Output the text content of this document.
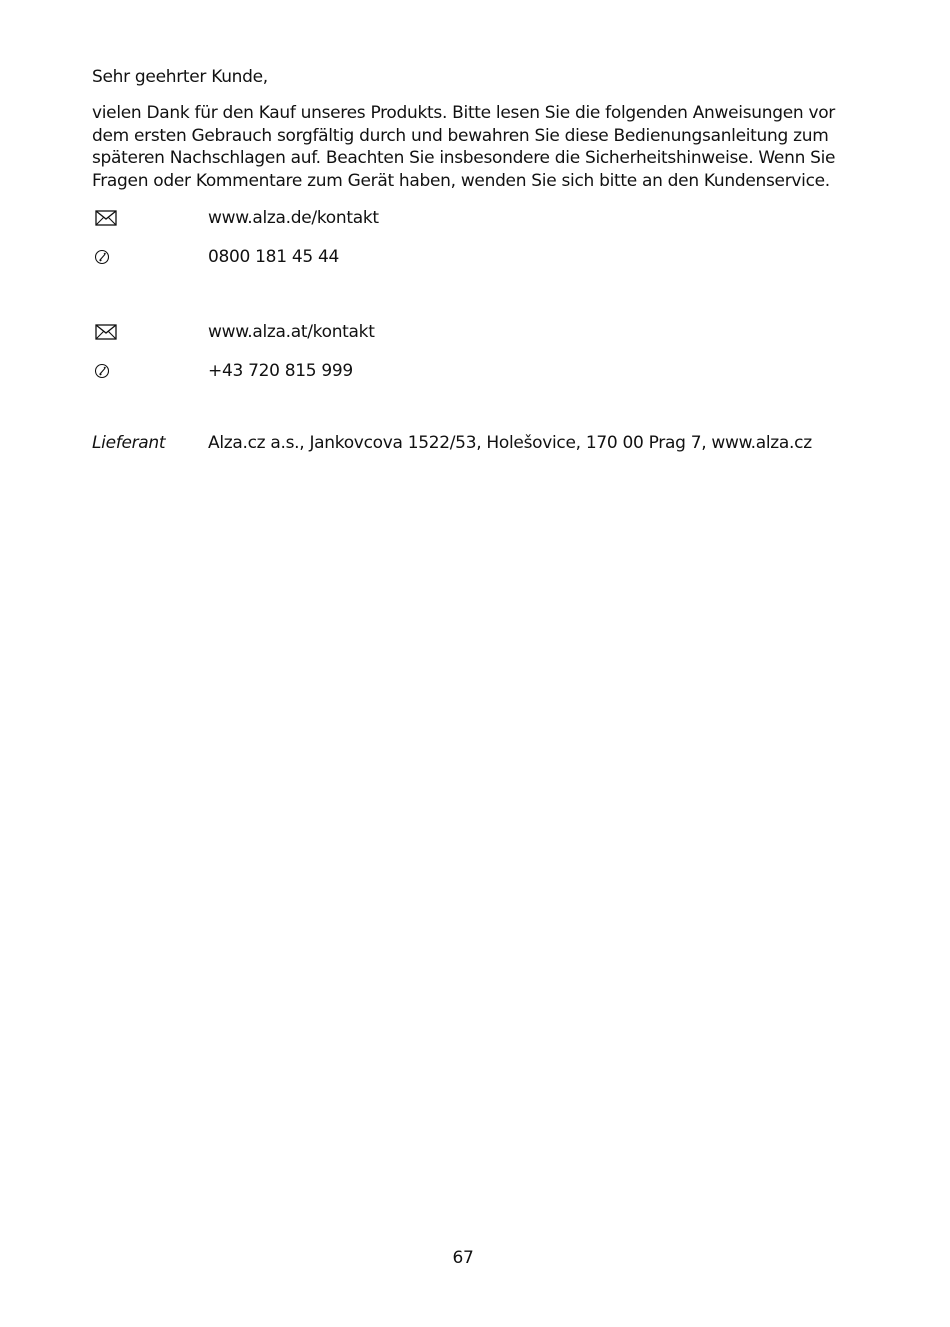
Sehr geehrter Kunde,
vielen Dank für den Kauf unseres Produkts. Bitte lesen Sie die folgenden Anweisungen vor
dem ersten Gebrauch sorgfältig durch und bewahren Sie diese Bedienungsanleitung zum
späteren Nachschlagen auf. Beachten Sie insbesondere die Sicherheitshinweise. Wenn Sie
Fragen oder Kommentare zum Gerät haben, wenden Sie sich bitte an den Kundenservice.
www.alza.de/kontakt
0800 181 45 44
www.alza.at/kontakt
+43 720 815 999
Lieferant	Alza.cz a.s., Jankovcova 1522/53, Holešovice, 170 00 Prag 7, www.alza.cz
67
